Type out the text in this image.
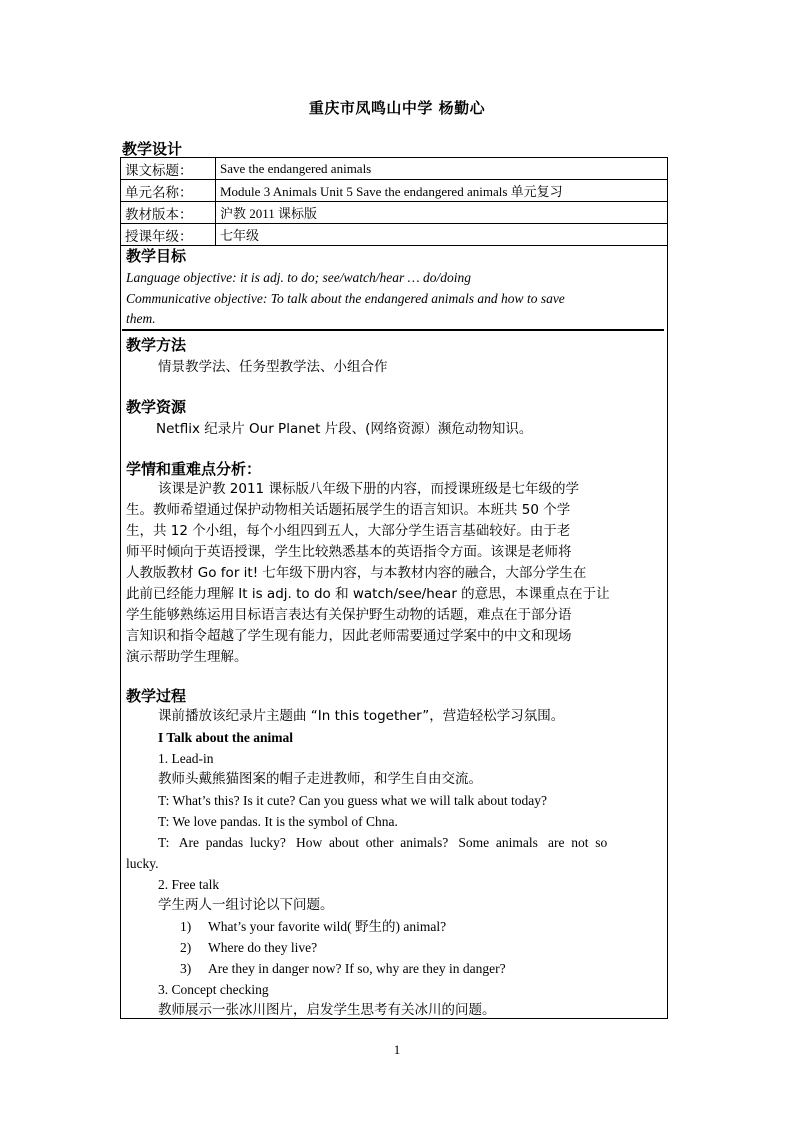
重庆市凤鸣山中学 杨勤心
教学设计
课文标题：	Save the endangered animals
单元名称：	Module 3 Animals Unit 5 Save the endangered animals 单元复习
教材版本：	沪教 2011 课标版
授课年级：	七年级
教学目标
Language objective: it is adj. to do; see/watch/hear … do/doing
Communicative objective: To talk about the endangered animals and how to save
them.
教学方法
情景教学法、任务型教学法、小组合作
教学资源
Netflix 纪录片 Our Planet 片段、(网络资源）濒危动物知识。
学情和重难点分析：
该课是沪教 2011 课标版八年级下册的内容，而授课班级是七年级的学
生。教师希望通过保护动物相关话题拓展学生的语言知识。本班共 50 个学
生，共 12 个小组，每个小组四到五人，大部分学生语言基础较好。由于老
师平时倾向于英语授课，学生比较熟悉基本的英语指令方面。该课是老师将
人教版教材 Go for it! 七年级下册内容，与本教材内容的融合，大部分学生在
此前已经能力理解 It is adj. to do 和 watch/see/hear 的意思，本课重点在于让
学生能够熟练运用目标语言表达有关保护野生动物的话题，难点在于部分语
言知识和指令超越了学生现有能力，因此老师需要通过学案中的中文和现场
演示帮助学生理解。
教学过程
课前播放该纪录片主题曲 “In this together”，营造轻松学习氛围。
I Talk about the animal
1. Lead-in
教师头戴熊猫图案的帽子走进教师，和学生自由交流。
T: What’s this? Is it cute? Can you guess what we will talk about today?
T: We love pandas. It is the symbol of Chna.
T:   Are  pandas  lucky?   How  about  other  animals?   Some  animals   are  not  so
lucky.
2. Free talk
学生两人一组讨论以下问题。
1) What’s your favorite wild( 野生的) animal?
2) Where do they live?
3) Are they in danger now? If so, why are they in danger?
3. Concept checking
教师展示一张冰川图片，启发学生思考有关冰川的问题。
1
